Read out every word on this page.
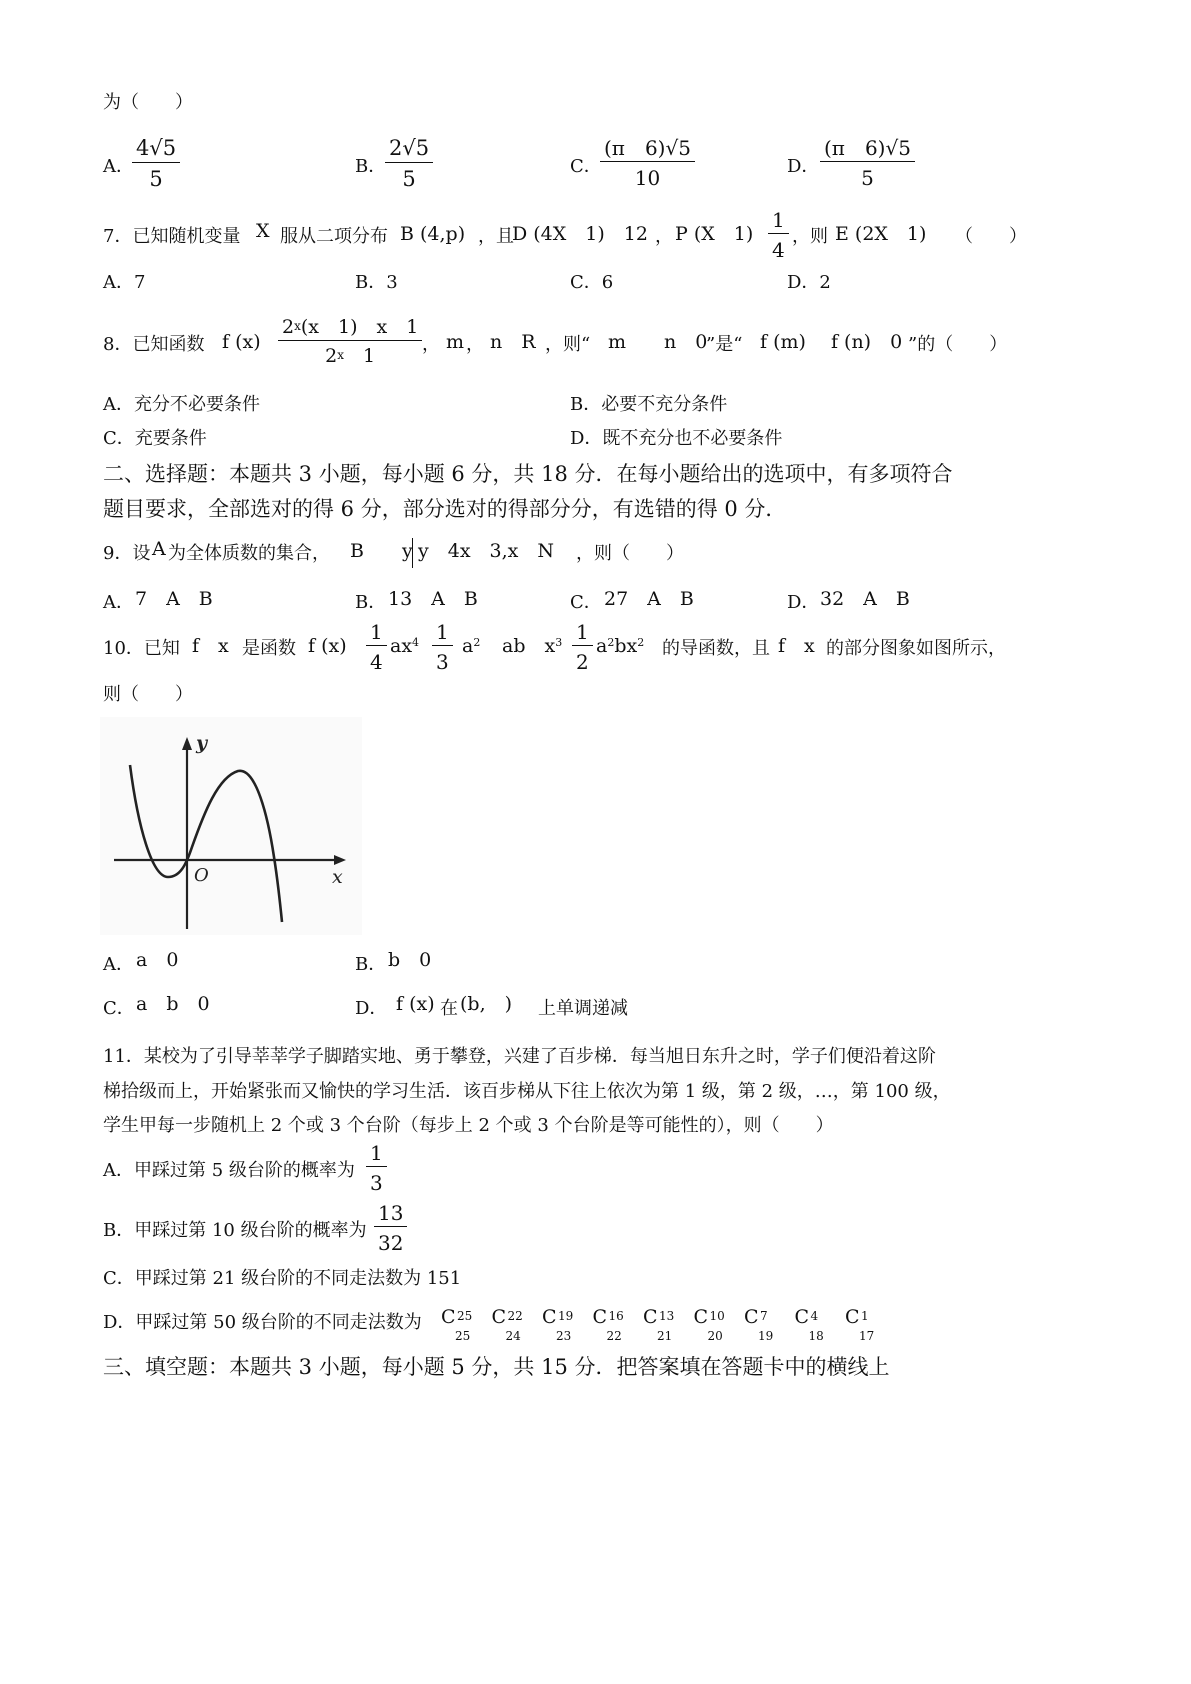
为（　　）
A．
4√5
5
B．
2√5
5
C．
(π　6)√5
10	D．
(π　6)√5
5
7．已知随机变量 X 服从二项分布 B (4,p) ，且
D (4X　1)　12 ， P (X　1)
1
4
，则 E (2X　1) （　　）
A．7	B．3	C．6	D．2
8．已知函数 f (x)
2x(x　1)　x　1
2x　 1
， m ， n　R ，则“ m　　n　0
”是“ f (m)　 f (n)　0 ”的（　　）
A．充分不必要条件	B．必要不充分条件
C．充要条件	D．既不充分也不必要条件
二、选择题：本题共 3 小题，每小题 6 分，共 18 分．在每小题给出的选项中，有多项符合
题目要求，全部选对的得 6 分，部分选对的得部分分，有选错的得 0 分．
9．设 A 为全体质数的集合， B　　y y　4x　3,x　N ，则（　　）
A． 7　A　B	B． 13　A　B	C． 27　A　B	D． 32　A　B
10．已知 f　x 是函数 f (x)
1
4
$ax^4$ 1
3
$a^2$ ab　$x^3$ 1
2
$a^2bx^2$ 的导函数，且 f　x 的部分图象如图所示，
则（　　）
y
x
O
A． a　0	B． b　0
C． a　b　0	D． f (x) 在 (b,　) 上单调递减
11．某校为了引导莘莘学子脚踏实地、勇于攀登，兴建了百步梯．每当旭日东升之时，学子们便沿着这阶
梯拾级而上，开始紧张而又愉快的学习生活．该百步梯从下往上依次为第 1 级，第 2 级，…，第 100 级，
学生甲每一步随机上 2 个或 3 个台阶（每步上 2 个或 3 个台阶是等可能性的），则（　　）
A．甲踩过第 5 级台阶的概率为
1
3
B．甲踩过第 10 级台阶的概率为
13
32
C．甲踩过第 21 级台阶的不同走法数为 151
D．甲踩过第 50 级台阶的不同走法数为 C 25
25
C 22
24
C 19
23
C 16
22
C 13
21
C 10
20
C 7
19
C 4
18
C 1
17
三、填空题：本题共 3 小题，每小题 5 分，共 15 分．把答案填在答题卡中的横线上
